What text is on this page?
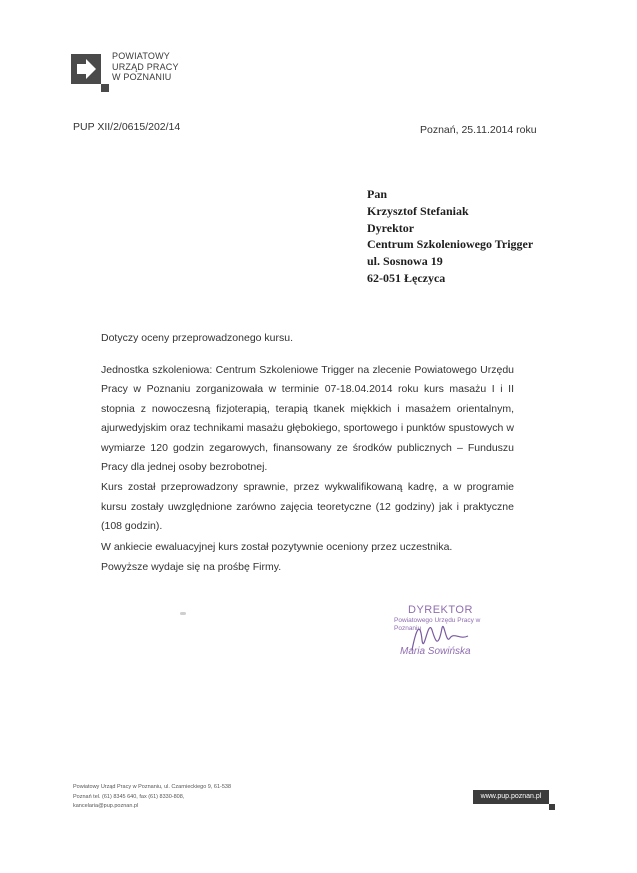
POWIATOWY
URZĄD PRACY
W POZNANIU
PUP XII/2/0615/202/14	Poznań, 25.11.2014 roku
Pan
Krzysztof Stefaniak
Dyrektor
Centrum Szkoleniowego Trigger
ul. Sosnowa 19
62-051 Łęczyca
Dotyczy oceny przeprowadzonego kursu.

Jednostka szkoleniowa: Centrum Szkoleniowe Trigger na zlecenie Powiatowego Urzędu Pracy w Poznaniu zorganizowała w terminie 07-18.04.2014 roku kurs masażu I i II stopnia z nowoczesną fizjoterapią, terapią tkanek miękkich i masażem orientalnym, ajurwedyjskim oraz technikami masażu głębokiego, sportowego i punktów spustowych w wymiarze 120 godzin zegarowych, finansowany ze środków publicznych – Funduszu Pracy dla jednej osoby bezrobotnej.

Kurs został przeprowadzony sprawnie, przez wykwalifikowaną kadrę, a w programie kursu zostały uwzględnione zarówno zajęcia teoretyczne (12 godziny) jak i praktyczne (108 godzin).

W ankiecie ewaluacyjnej kurs został pozytywnie oceniony przez uczestnika.

Powyższe wydaje się na prośbę Firmy.

DYREKTOR
Powiatowego Urzędu Pracy w Poznaniu
Maria Sowińska
Powiatowy Urząd Pracy w Poznaniu, ul. Czarnieckiego 9, 61-538
Poznań tel. (61) 8345 640, fax (61) 8330-808,
kancelaria@pup.poznan.pl
www.pup.poznan.pl
